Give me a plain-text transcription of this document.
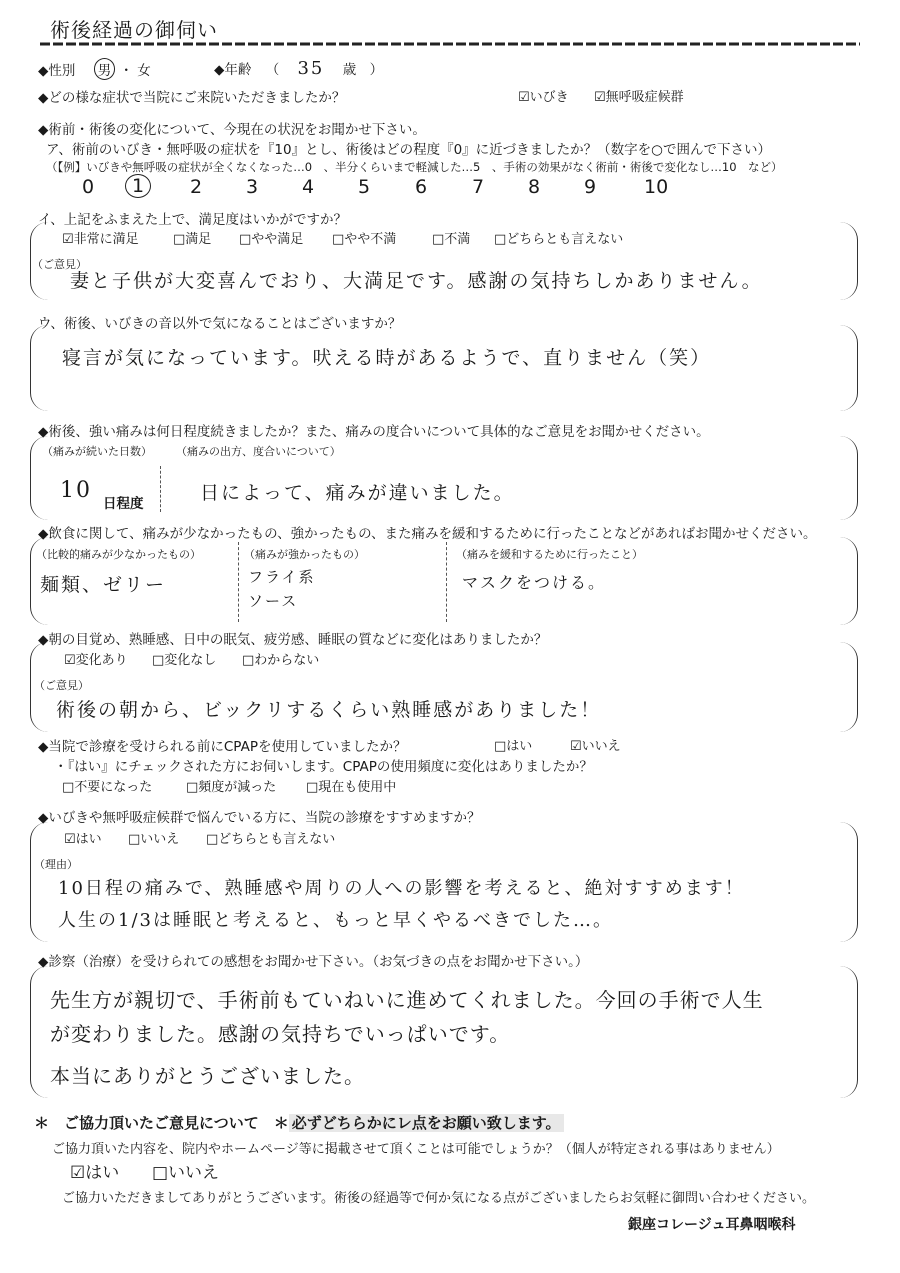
術後経過の御伺い
◆性別 男 ・ 女	◆年齢 （ 35 歳　）
◆どの様な症状で当院にご来院いただきましたか？	☑いびき ☑無呼吸症候群
◆術前・術後の変化について、今現在の状況をお聞かせ下さい。
ア、術前のいびき・無呼吸の症状を『10』とし、術後はどの程度『0』に近づきましたか？（数字を○で囲んで下さい）
（【例】いびきや無呼吸の症状が全くなくなった…0　、半分くらいまで軽減した…5　、手術の効果がなく術前・術後で変化なし…10　など）
0	1	2 3 4 5 6 7 8 9	10
イ、上記をふまえた上で、満足度はいかがですか？
☑非常に満足	□満足 □やや満足 □やや不満	□不満 □どちらとも言えない
（ご意見）
妻と子供が大変喜んでおり、大満足です。感謝の気持ちしかありません。
ウ、術後、いびきの音以外で気になることはございますか？
寝言が気になっています。吠える時があるようで、直りません（笑）
◆術後、強い痛みは何日程度続きましたか？また、痛みの度合いについて具体的なご意見をお聞かせください。
（痛みが続いた日数）
10
日程度
（痛みの出方、度合いについて）
日によって、痛みが違いました。
◆飲食に関して、痛みが少なかったもの、強かったもの、また痛みを緩和するために行ったことなどがあればお聞かせください。
（比較的痛みが少なかったもの）
麺類、ゼリー
（痛みが強かったもの）
フライ系
ソース
（痛みを緩和するために行ったこと）
マスクをつける。
◆朝の目覚め、熟睡感、日中の眠気、疲労感、睡眠の質などに変化はありましたか？
☑変化あり □変化なし □わからない
（ご意見）
術後の朝から、ビックリするくらい熟睡感がありました！
◆当院で診療を受けられる前にCPAPを使用していましたか？	□はい	☑いいえ
・『はい』にチェックされた方にお伺いします。CPAPの使用頻度に変化はありましたか？
□不要になった	□頻度が減った □現在も使用中
◆いびきや無呼吸症候群で悩んでいる方に、当院の診療をすすめますか？
☑はい □いいえ □どちらとも言えない
（理由）
10日程の痛みで、熟睡感や周りの人への影響を考えると、絶対すすめます！
人生の1/3は睡眠と考えると、もっと早くやるべきでした…。
◆診察（治療）を受けられての感想をお聞かせ下さい。（お気づきの点をお聞かせ下さい。）
先生方が親切で、手術前もていねいに進めてくれました。今回の手術で人生
が変わりました。感謝の気持ちでいっぱいです。
本当にありがとうございました。
＊　ご協力頂いたご意見について　＊ 必ずどちらかにレ点をお願い致します。
ご協力頂いた内容を、院内やホームページ等に掲載させて頂くことは可能でしょうか？（個人が特定される事はありません）
☑はい □いいえ
ご協力いただきましてありがとうございます。術後の経過等で何か気になる点がございましたらお気軽に御問い合わせください。
銀座コレージュ耳鼻咽喉科
